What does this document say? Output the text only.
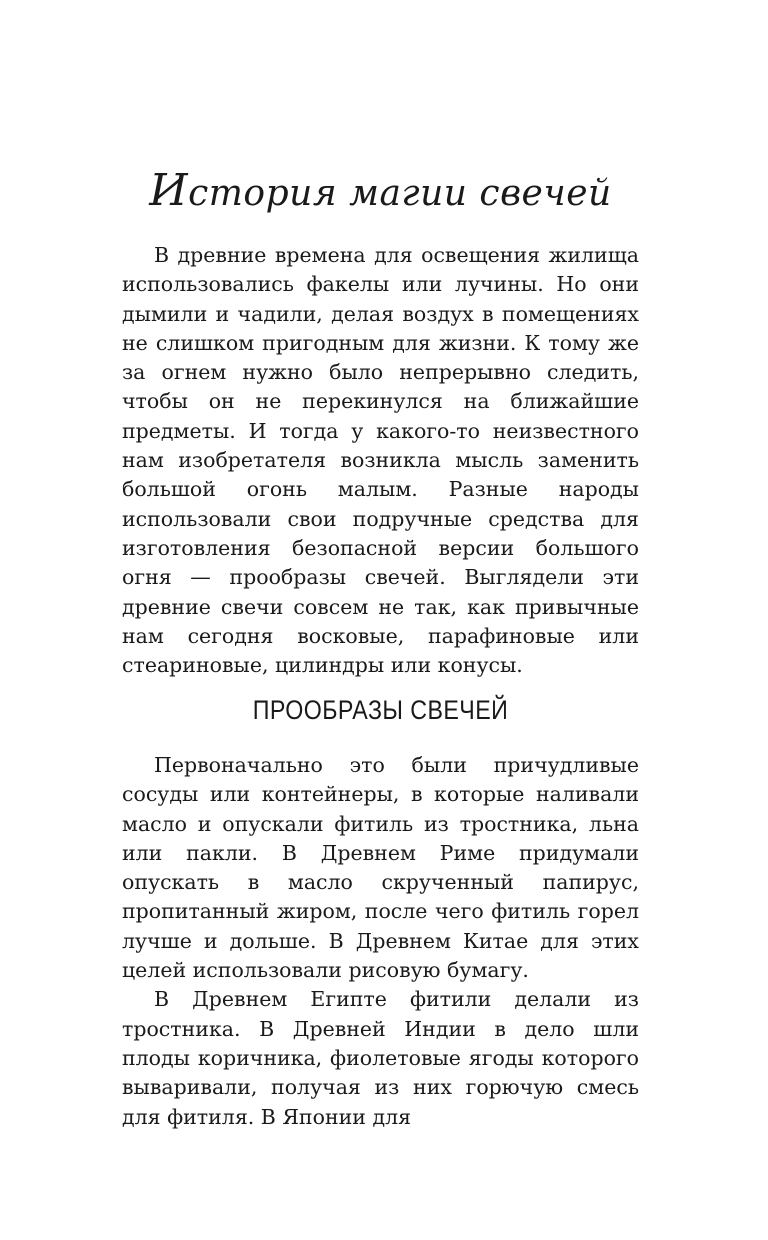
История магии свечей

В древние времена для освещения жилища использовались факелы или лучины. Но они дымили и чадили, делая воздух в помещениях не слишком пригодным для жизни. К тому же за огнем нужно было непрерывно следить, чтобы он не перекинулся на ближайшие предметы. И тогда у какого-то неизвестного нам изобретателя возникла мысль заменить большой огонь малым. Разные народы использовали свои подручные средства для изготовления безопасной версии большого огня — прообразы свечей. Выглядели эти древние свечи совсем не так, как привычные нам сегодня восковые, парафиновые или стеариновые, цилиндры или конусы.

ПРООБРАЗЫ СВЕЧЕЙ

Первоначально это были причудливые сосуды или контейнеры, в которые наливали масло и опускали фитиль из тростника, льна или пакли. В Древнем Риме придумали опускать в масло скрученный папирус, пропитанный жиром, после чего фитиль горел лучше и дольше. В Древнем Китае для этих целей использовали рисовую бумагу.

В Древнем Египте фитили делали из тростника. В Древней Индии в дело шли плоды коричника, фиолетовые ягоды которого вываривали, получая из них горючую смесь для фитиля. В Японии для
